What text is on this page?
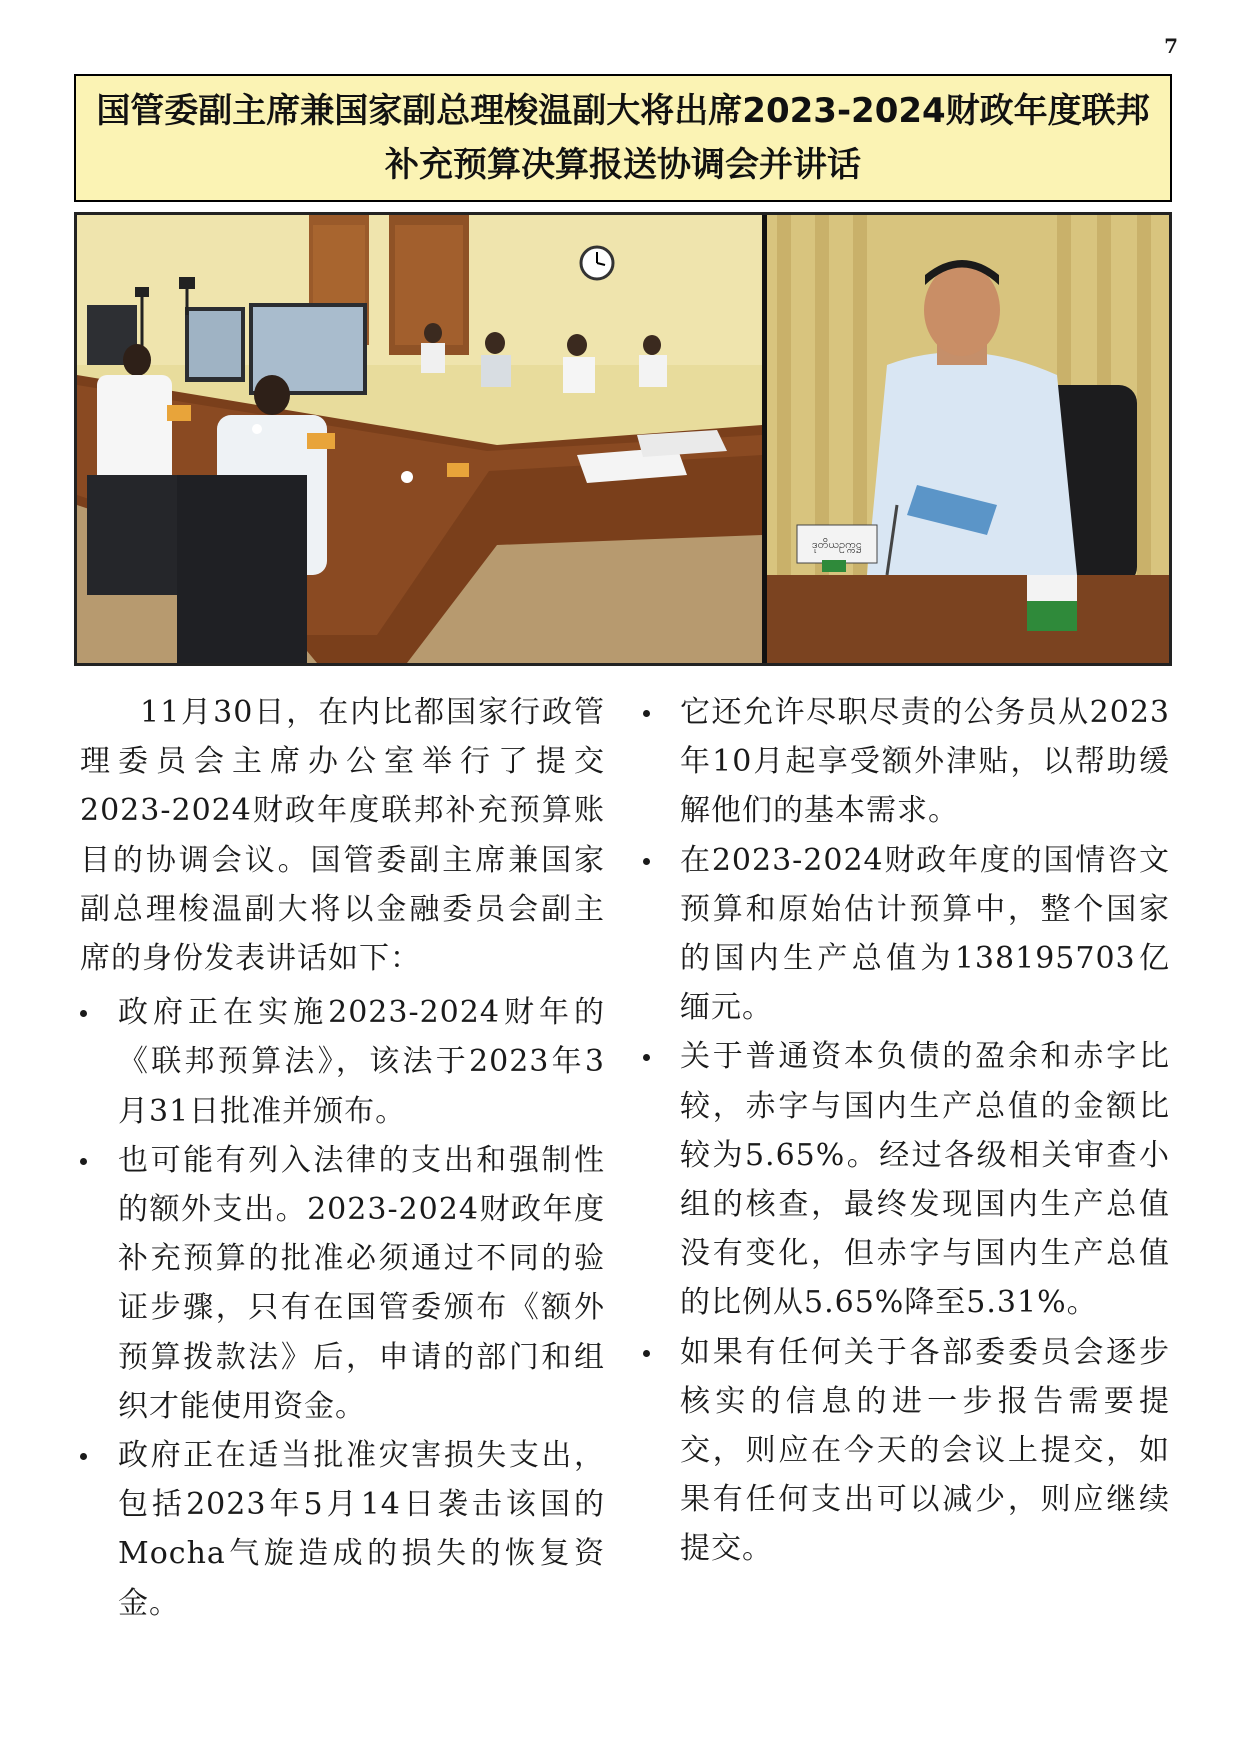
7
国管委副主席兼国家副总理梭温副大将出席2023-2024财政年度联邦补充预算决算报送协调会并讲话
ဒုတိယဥက္ကဋ္ဌ

11月30日，在内比都国家行政管理委员会主席办公室举行了提交2023-2024财政年度联邦补充预算账目的协调会议。国管委副主席兼国家副总理梭温副大将以金融委员会副主席的身份发表讲话如下：

政府正在实施2023-2024财年的《联邦预算法》，该法于2023年3月31日批准并颁布。
也可能有列入法律的支出和强制性的额外支出。2023-2024财政年度补充预算的批准必须通过不同的验证步骤，只有在国管委颁布《额外预算拨款法》后，申请的部门和组织才能使用资金。
政府正在适当批准灾害损失支出，包括2023年5月14日袭击该国的Mocha气旋造成的损失的恢复资金。
它还允许尽职尽责的公务员从2023年10月起享受额外津贴，以帮助缓解他们的基本需求。
在2023-2024财政年度的国情咨文预算和原始估计预算中，整个国家的国内生产总值为138195703亿缅元。
关于普通资本负债的盈余和赤字比较，赤字与国内生产总值的金额比较为5.65%。经过各级相关审查小组的核查，最终发现国内生产总值没有变化，但赤字与国内生产总值的比例从5.65%降至5.31%。
如果有任何关于各部委委员会逐步核实的信息的进一步报告需要提交，则应在今天的会议上提交，如果有任何支出可以减少，则应继续提交。
